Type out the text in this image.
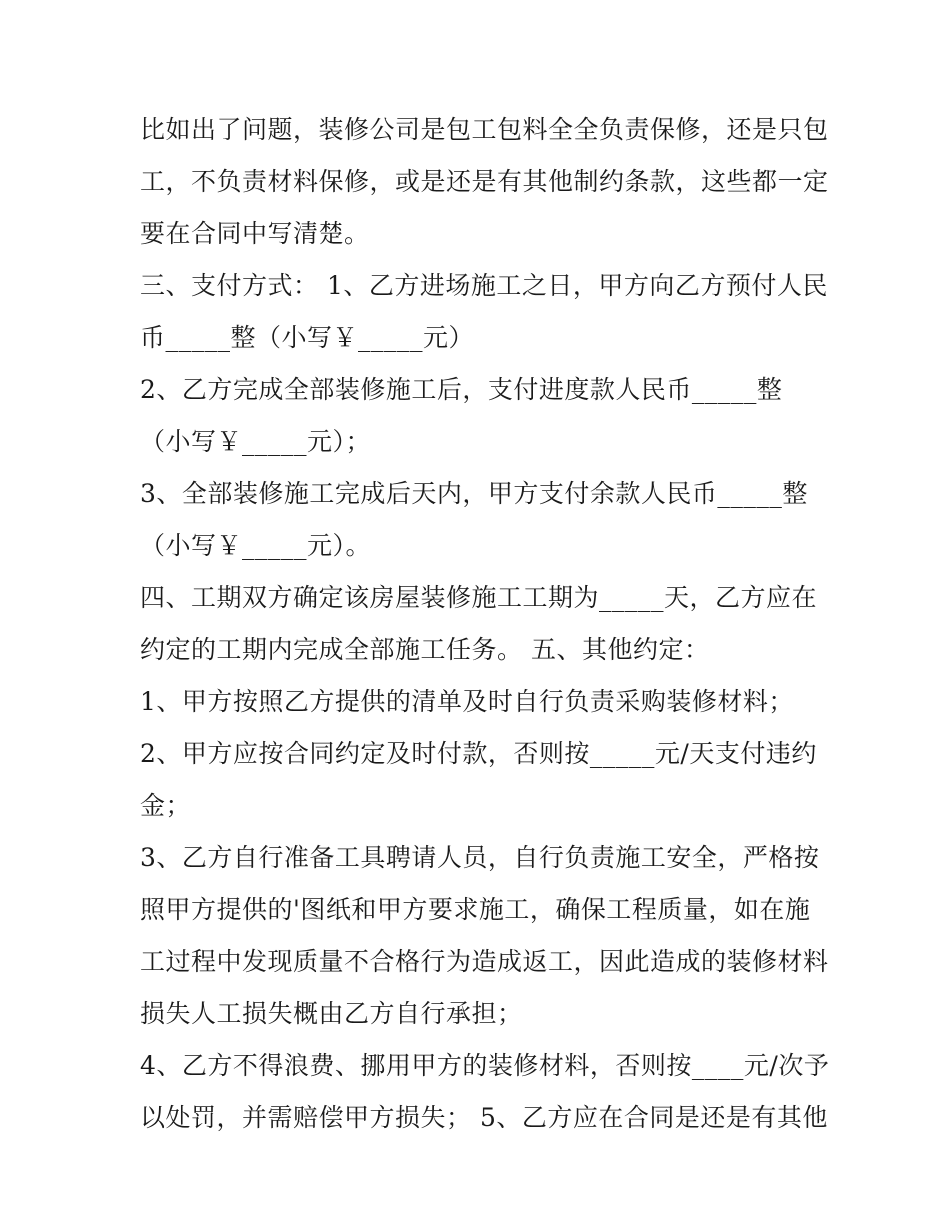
比如出了问题，装修公司是包工包料全全负责保修，还是只包
工，不负责材料保修，或是还是有其他制约条款，这些都一定
要在合同中写清楚。
三、支付方式： 1、乙方进场施工之日，甲方向乙方预付人民
币_____整（小写￥_____元）
2、乙方完成全部装修施工后，支付进度款人民币_____整
（小写￥_____元）；
3、全部装修施工完成后天内，甲方支付余款人民币_____整
（小写￥_____元）。
四、工期双方确定该房屋装修施工工期为_____天，乙方应在
约定的工期内完成全部施工任务。 五、其他约定：
1、甲方按照乙方提供的清单及时自行负责采购装修材料；
2、甲方应按合同约定及时付款，否则按_____元/天支付违约
金；
3、乙方自行准备工具聘请人员，自行负责施工安全，严格按
照甲方提供的'图纸和甲方要求施工，确保工程质量，如在施
工过程中发现质量不合格行为造成返工，因此造成的装修材料
损失人工损失概由乙方自行承担；
4、乙方不得浪费、挪用甲方的装修材料，否则按____元/次予
以处罚，并需赔偿甲方损失； 5、乙方应在合同是还是有其他
